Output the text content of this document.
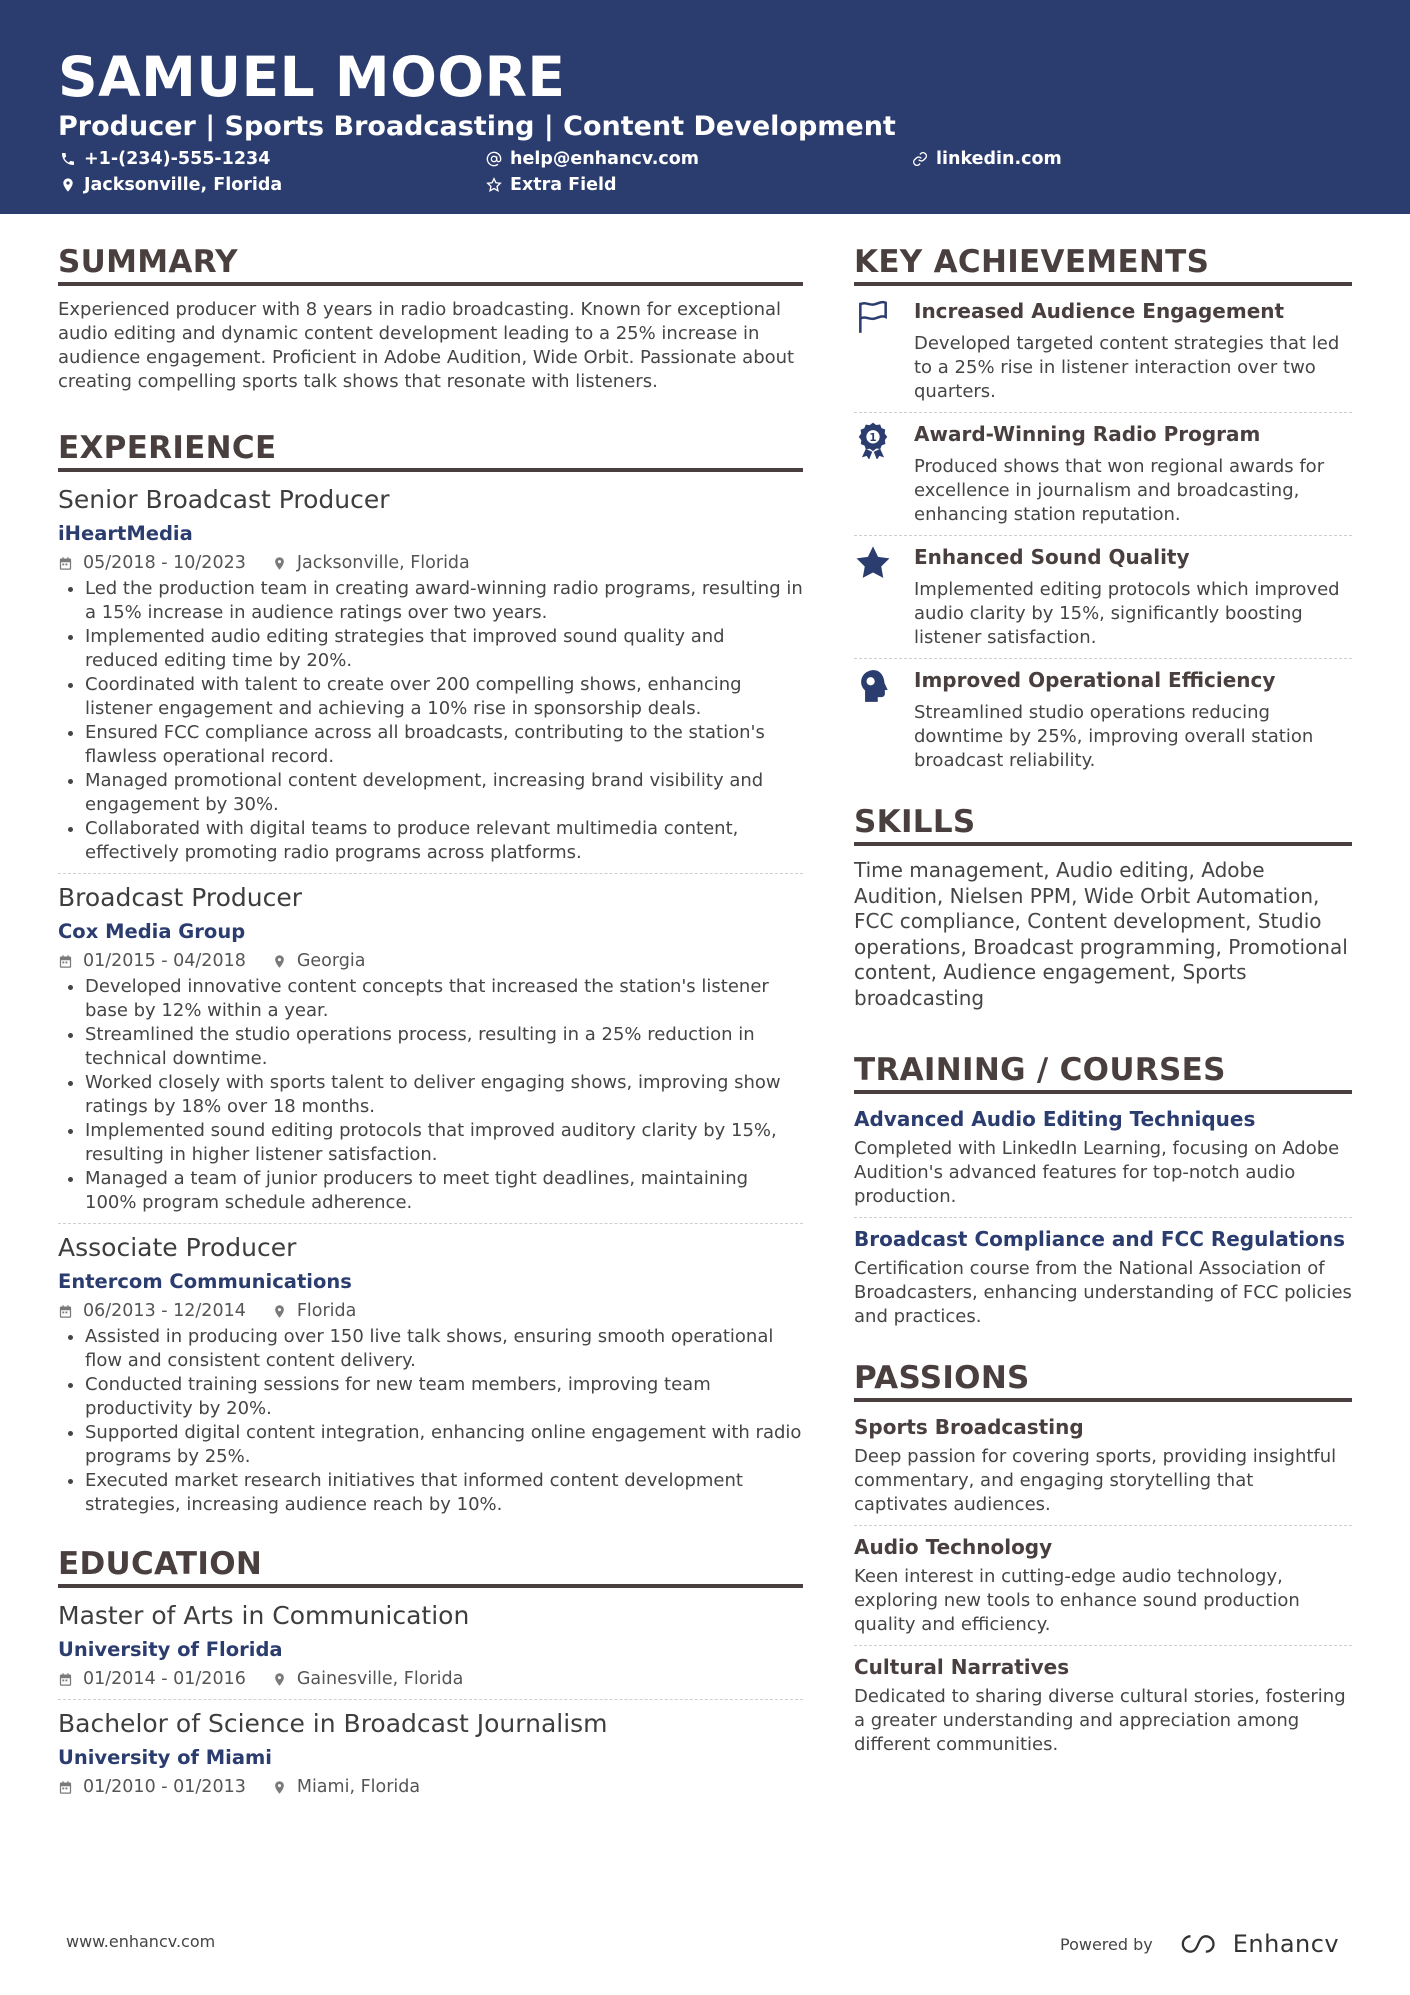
SAMUEL MOORE
Producer | Sports Broadcasting | Content Development
+1-(234)-555-1234	help@enhancv.com	linkedin.com
Jacksonville, Florida	Extra Field
SUMMARY

Experienced producer with 8 years in radio broadcasting. Known for exceptional audio editing and dynamic content development leading to a 25% increase in audience engagement. Proficient in Adobe Audition, Wide Orbit. Passionate about creating compelling sports talk shows that resonate with listeners.

EXPERIENCE

Senior Broadcast Producer

iHeartMedia
05/2018 - 10/2023	Jacksonville, Florida
• Led the production team in creating award-winning radio programs, resulting in a 15% increase in audience ratings over two years.
• Implemented audio editing strategies that improved sound quality and reduced editing time by 20%.
• Coordinated with talent to create over 200 compelling shows, enhancing listener engagement and achieving a 10% rise in sponsorship deals.
• Ensured FCC compliance across all broadcasts, contributing to the station's flawless operational record.
• Managed promotional content development, increasing brand visibility and engagement by 30%.
• Collaborated with digital teams to produce relevant multimedia content, effectively promoting radio programs across platforms.

Broadcast Producer

Cox Media Group
01/2015 - 04/2018	Georgia
• Developed innovative content concepts that increased the station's listener base by 12% within a year.
• Streamlined the studio operations process, resulting in a 25% reduction in technical downtime.
• Worked closely with sports talent to deliver engaging shows, improving show ratings by 18% over 18 months.
• Implemented sound editing protocols that improved auditory clarity by 15%, resulting in higher listener satisfaction.
• Managed a team of junior producers to meet tight deadlines, maintaining 100% program schedule adherence.

Associate Producer

Entercom Communications
06/2013 - 12/2014	Florida
• Assisted in producing over 150 live talk shows, ensuring smooth operational flow and consistent content delivery.
• Conducted training sessions for new team members, improving team productivity by 20%.
• Supported digital content integration, enhancing online engagement with radio programs by 25%.
• Executed market research initiatives that informed content development strategies, increasing audience reach by 10%.
EDUCATION

Master of Arts in Communication

University of Florida
01/2014 - 01/2016	Gainesville, Florida

Bachelor of Science in Broadcast Journalism

University of Miami
01/2010 - 01/2013	Miami, Florida
KEY ACHIEVEMENTS

Increased Audience Engagement

Developed targeted content strategies that led to a 25% rise in listener interaction over two quarters.

1 Award-Winning Radio Program

Produced shows that won regional awards for excellence in journalism and broadcasting, enhancing station reputation.

Enhanced Sound Quality

Implemented editing protocols which improved audio clarity by 15%, significantly boosting listener satisfaction.

Improved Operational Efficiency

Streamlined studio operations reducing downtime by 25%, improving overall station broadcast reliability.

SKILLS

Time management, Audio editing, Adobe Audition, Nielsen PPM, Wide Orbit Automation, FCC compliance, Content development, Studio operations, Broadcast programming, Promotional content, Audience engagement, Sports broadcasting

TRAINING / COURSES

Advanced Audio Editing Techniques

Completed with LinkedIn Learning, focusing on Adobe Audition's advanced features for top-notch audio production.

Broadcast Compliance and FCC Regulations

Certification course from the National Association of Broadcasters, enhancing understanding of FCC policies and practices.

PASSIONS

Sports Broadcasting

Deep passion for covering sports, providing insightful commentary, and engaging storytelling that captivates audiences.

Audio Technology

Keen interest in cutting-edge audio technology, exploring new tools to enhance sound production quality and efficiency.

Cultural Narratives

Dedicated to sharing diverse cultural stories, fostering a greater understanding and appreciation among different communities.

www.enhancv.com	Powered by	Enhancv
